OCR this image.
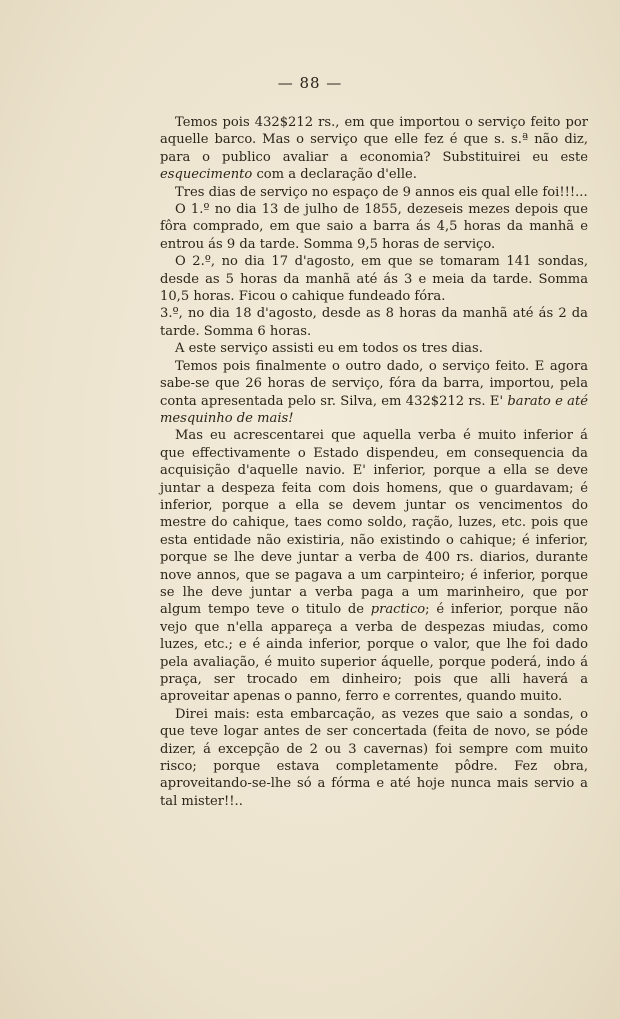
— 88 —

Temos pois 432$212 rs., em que importou o serviço feito por aquelle barco. Mas o serviço que elle fez é que s. s.ª não diz, para o publico avaliar a economia? Substituirei eu este esquecimento com a declaração d'elle.

Tres dias de serviço no espaço de 9 annos eis qual elle foi!!!...

O 1.º no dia 13 de julho de 1855, dezeseis mezes depois que fôra comprado, em que saio a barra ás 4,5 horas da manhã e entrou ás 9 da tarde. Somma 9,5 horas de serviço.

O 2.º, no dia 17 d'agosto, em que se tomaram 141 sondas, desde as 5 horas da manhã até ás 3 e meia da tarde. Somma 10,5 horas. Ficou o cahique fundeado fóra.

3.º, no dia 18 d'agosto, desde as 8 horas da manhã até ás 2 da tarde. Somma 6 horas.

A este serviço assisti eu em todos os tres dias.

Temos pois finalmente o outro dado, o serviço feito. E agora sabe-se que 26 horas de serviço, fóra da barra, importou, pela conta apresentada pelo sr. Silva, em 432$212 rs. E' barato e até mesquinho de mais!

Mas eu acrescentarei que aquella verba é muito inferior á que effectivamente o Estado dispendeu, em consequencia da acquisição d'aquelle navio. E' inferior, porque a ella se deve juntar a despeza feita com dois homens, que o guardavam; é inferior, porque a ella se devem juntar os vencimentos do mestre do cahique, taes como soldo, ração, luzes, etc. pois que esta entidade não existiria, não existindo o cahique; é inferior, porque se lhe deve juntar a verba de 400 rs. diarios, durante nove annos, que se pagava a um carpinteiro; é inferior, porque se lhe deve juntar a verba paga a um marinheiro, que por algum tempo teve o titulo de practico; é inferior, porque não vejo que n'ella appareça a verba de despezas miudas, como luzes, etc.; e é ainda inferior, porque o valor, que lhe foi dado pela avaliação, é muito superior áquelle, porque poderá, indo á praça, ser trocado em dinheiro; pois que alli haverá a aproveitar apenas o panno, ferro e correntes, quando muito.

Direi mais: esta embarcação, as vezes que saio a sondas, o que teve logar antes de ser concertada (feita de novo, se póde dizer, á excepção de 2 ou 3 cavernas) foi sempre com muito risco; porque estava completamente pôdre. Fez obra, aproveitando-se-lhe só a fórma e até hoje nunca mais servio a tal mister!!..
